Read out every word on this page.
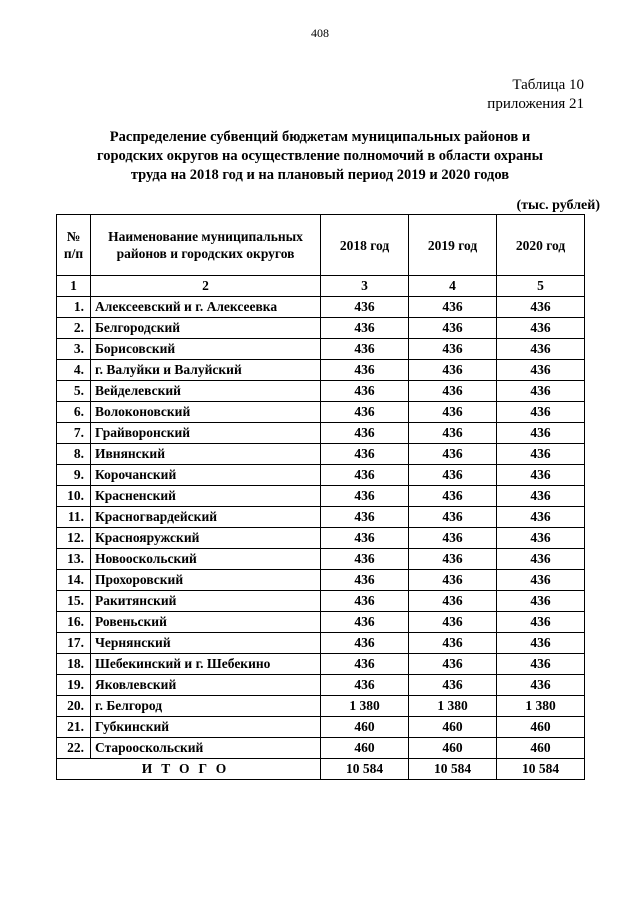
408
Таблица 10
приложения 21
Распределение субвенций бюджетам муниципальных районов и
городских округов на осуществление полномочий в области охраны
труда на 2018 год и на плановый период 2019 и 2020 годов
(тыс. рублей)
№ п/п	Наименование муниципальных районов и городских округов	2018 год	2019 год	2020 год
1	2	3	4	5
1.	Алексеевский и г. Алексеевка	436	436	436
2.	Белгородский	436	436	436
3.	Борисовский	436	436	436
4.	г. Валуйки и Валуйский	436	436	436
5.	Вейделевский	436	436	436
6.	Волоконовский	436	436	436
7.	Грайворонский	436	436	436
8.	Ивнянский	436	436	436
9.	Корочанский	436	436	436
10.	Красненский	436	436	436
11.	Красногвардейский	436	436	436
12.	Краснояружский	436	436	436
13.	Новооскольский	436	436	436
14.	Прохоровский	436	436	436
15.	Ракитянский	436	436	436
16.	Ровеньский	436	436	436
17.	Чернянский	436	436	436
18.	Шебекинский и г. Шебекино	436	436	436
19.	Яковлевский	436	436	436
20.	г. Белгород	1 380	1 380	1 380
21.	Губкинский	460	460	460
22.	Старооскольский	460	460	460
ИТОГО		10 584	10 584	10 584
